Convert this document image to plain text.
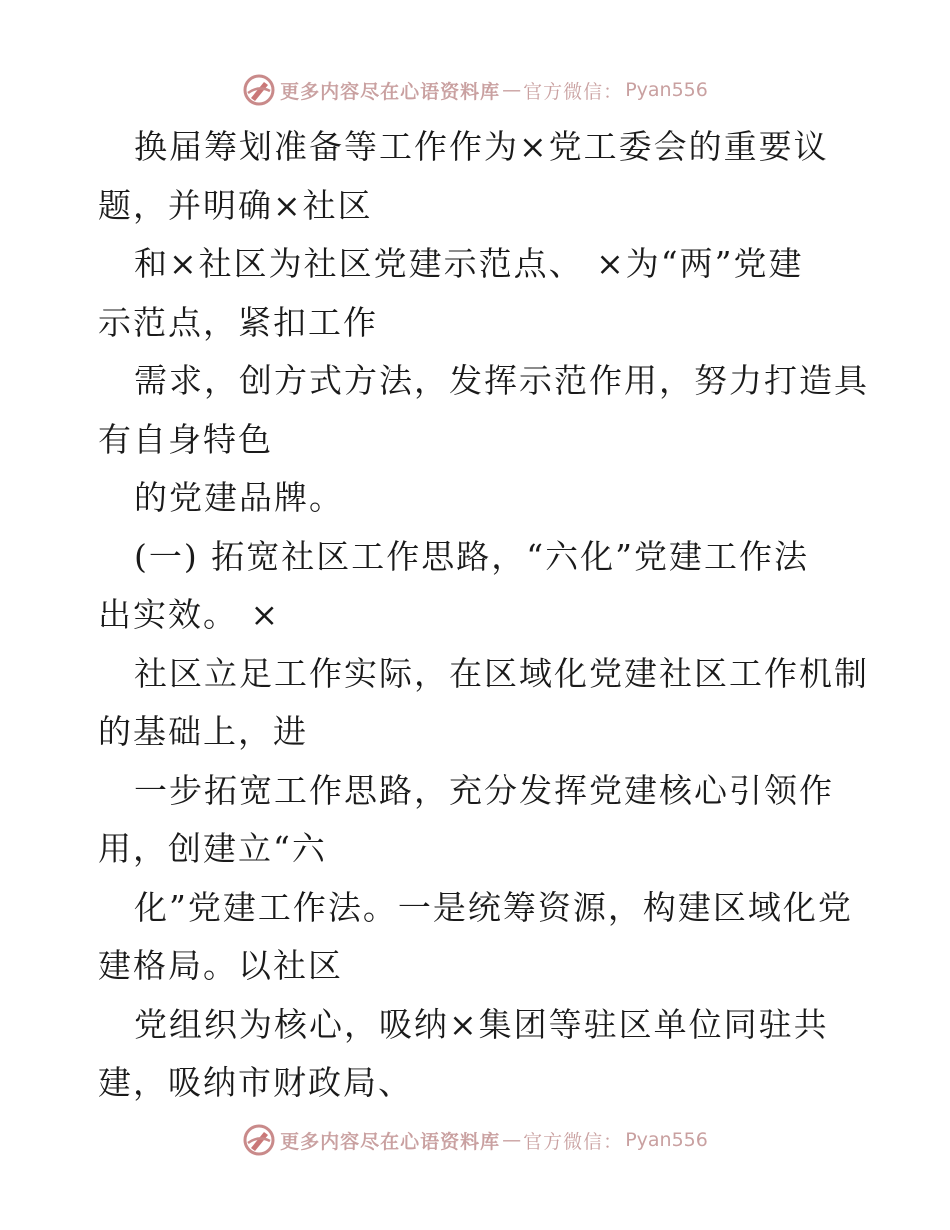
更多内容尽在心语资料库 — 官方微信： Pyan556
换届筹划准备等工作作为×党工委会的重要议
题，并明确×社区
和×社区为社区党建示范点、 ×为“两”党建
示范点，紧扣工作
需求，创方式方法，发挥示范作用，努力打造具
有自身特色
的党建品牌。
(一) 拓宽社区工作思路，“六化”党建工作法
出实效。 ×
社区立足工作实际，在区域化党建社区工作机制
的基础上，进
一步拓宽工作思路，充分发挥党建核心引领作
用，创建立“六
化”党建工作法。一是统筹资源，构建区域化党
建格局。以社区
党组织为核心，吸纳×集团等驻区单位同驻共
建，吸纳市财政局、
更多内容尽在心语资料库 — 官方微信： Pyan556
